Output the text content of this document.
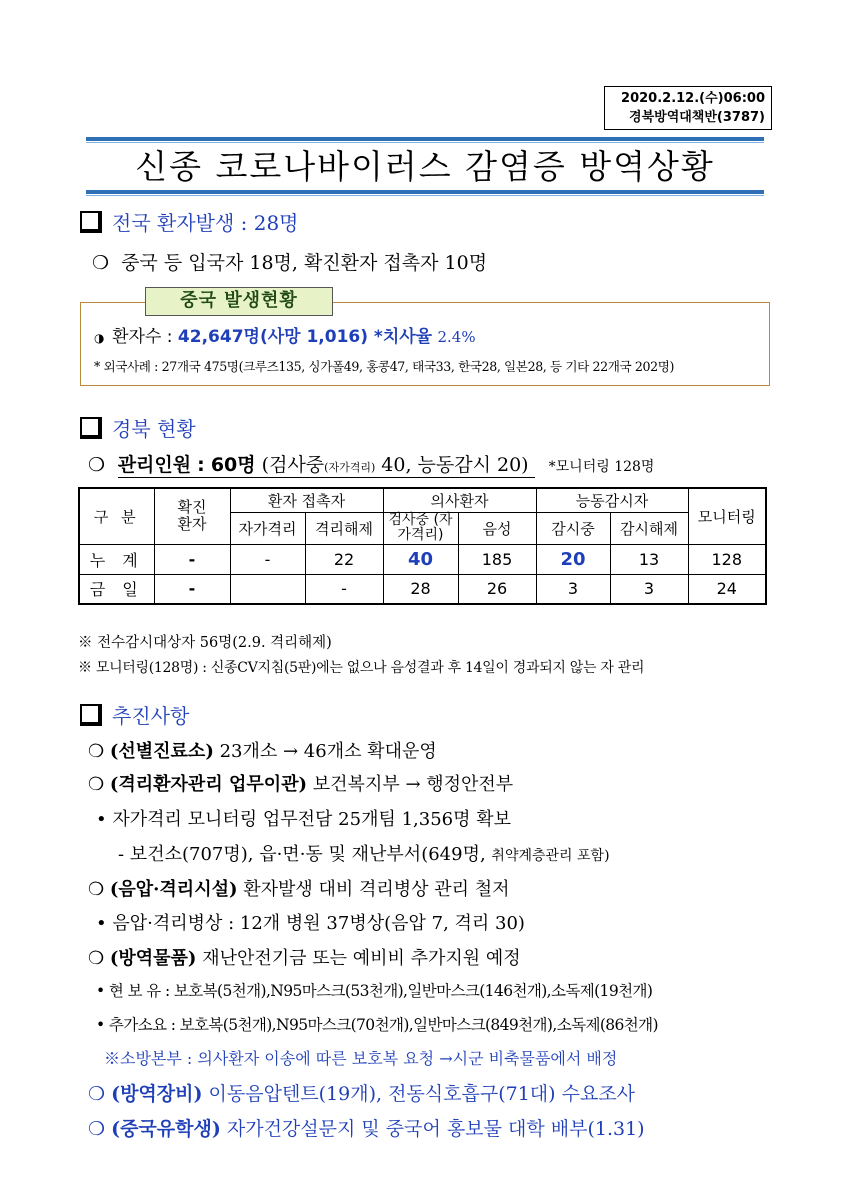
2020.2.12.(수)06:00
경북방역대책반(3787)
신종 코로나바이러스 감염증 방역상황
전국 환자발생 : 28명
❍  중국 등 입국자 18명, 확진환자 접촉자 10명
중국 발생현황
◑  환자수 : 42,647명(사망 1,016) *치사율 2.4%
* 외국사례 : 27개국 475명(크루즈135, 싱가폴49, 홍콩47, 태국33, 한국28, 일본28, 등 기타 22개국 202명)
경북 현황
❍  관리인원 : 60명 (검사중(자가격리) 40, 능동감시 20) *모니터링 128명
구 분	확진 환자	환자 접촉자		의사환자		능동감시자		모니터링
		자가격리	격리해제	검사중 (자가격리)	음성	감시중	감시해제	
누 계	-	-	22	40	185	20	13	128
금 일	-		-	28	26	3	3	24
※ 전수감시대상자 56명(2.9. 격리해제)
※ 모니터링(128명) : 신종CV지침(5판)에는 없으나 음성결과 후 14일이 경과되지 않는 자 관리
추진사항
❍ (선별진료소) 23개소 → 46개소 확대운영
❍ (격리환자관리 업무이관) 보건복지부 → 행정안전부
• 자가격리 모니터링 업무전담 25개팀 1,356명 확보
- 보건소(707명), 읍·면·동 및 재난부서(649명, 취약계층관리 포함)
❍ (음압·격리시설) 환자발생 대비 격리병상 관리 철저
• 음압·격리병상 : 12개 병원 37병상(음압 7, 격리 30)
❍ (방역물품) 재난안전기금 또는 예비비 추가지원 예정
• 현 보 유 : 보호복(5천개),N95마스크(53천개),일반마스크(146천개),소독제(19천개)
• 추가소요 : 보호복(5천개),N95마스크(70천개),일반마스크(849천개),소독제(86천개)
※소방본부 : 의사환자 이송에 따른 보호복 요청 →시군 비축물품에서 배정
❍ (방역장비) 이동음압텐트(19개), 전동식호흡구(71대) 수요조사
❍ (중국유학생) 자가건강설문지 및 중국어 홍보물 대학 배부(1.31)
